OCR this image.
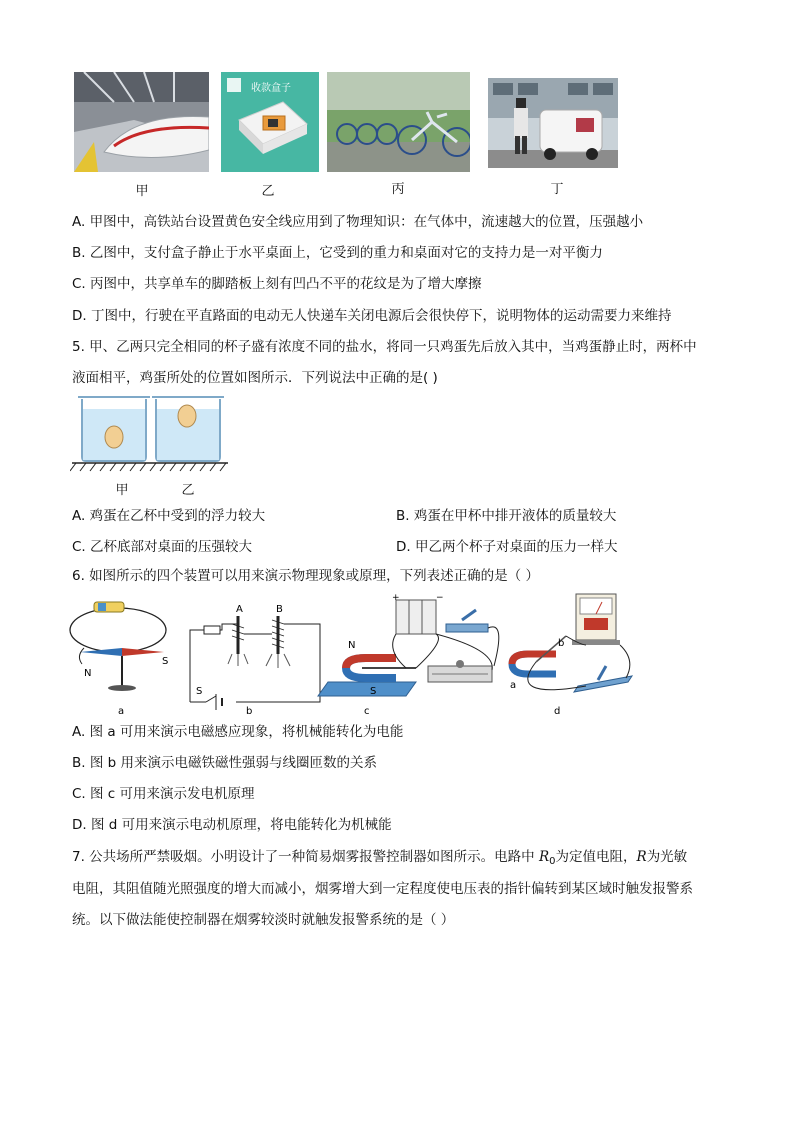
收款盒子
甲	乙	丙	丁
A. 甲图中，高铁站台设置黄色安全线应用到了物理知识：在气体中，流速越大的位置，压强越小
B. 乙图中，支付盒子静止于水平桌面上，它受到的重力和桌面对它的支持力是一对平衡力
C. 丙图中，共享单车的脚踏板上刻有凹凸不平的花纹是为了增大摩擦
D. 丁图中，行驶在平直路面的电动无人快递车关闭电源后会很快停下，说明物体的运动需要力来维持
5. 甲、乙两只完全相同的杯子盛有浓度不同的盐水，将同一只鸡蛋先后放入其中，当鸡蛋静止时，两杯中
液面相平，鸡蛋所处的位置如图所示．下列说法中正确的是( )
甲	乙
A. 鸡蛋在乙杯中受到的浮力较大	B. 鸡蛋在甲杯中排开液体的质量较大
C. 乙杯底部对桌面的压强较大	D. 甲乙两个杯子对桌面的压力一样大
6. 如图所示的四个装置可以用来演示物理现象或原理，下列表述正确的是（ ）
N
S
a
A	B
S
b
+	−
N
S
c
b
a
d
A. 图 a 可用来演示电磁感应现象，将机械能转化为电能
B. 图 b 用来演示电磁铁磁性强弱与线圈匝数的关系
C. 图 c 可用来演示发电机原理
D. 图 d 可用来演示电动机原理，将电能转化为机械能
7. 公共场所严禁吸烟。小明设计了一种简易烟雾报警控制器如图所示。电路中 $R_0$为定值电阻，R为光敏
电阻，其阻值随光照强度的增大而减小，烟雾增大到一定程度使电压表的指针偏转到某区域时触发报警系
统。以下做法能使控制器在烟雾较淡时就触发报警系统的是（ ）
